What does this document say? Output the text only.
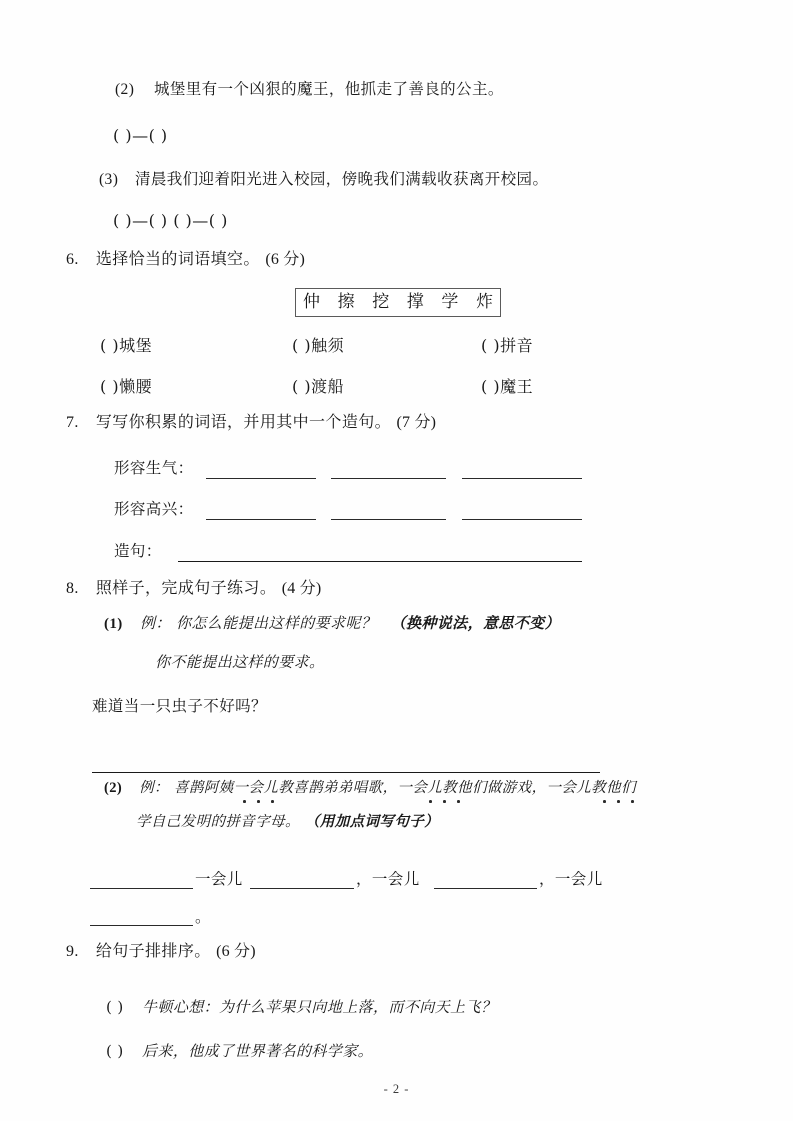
(2) 城堡里有一个凶狠的魔王，他抓走了善良的公主。
( )—( )
(3) 清晨我们迎着阳光进入校园，傍晚我们满载收获离开校园。
( )—( ) ( )—( )
6. 选择恰当的词语填空。 (6 分)
仲 擦 挖 撑 学 炸
( )城堡	( )触须	( )拼音
( )懒腰	( )渡船	( )魔王
7. 写写你积累的词语，并用其中一个造句。 (7 分)
形容生气：
形容高兴：
造句：
8. 照样子，完成句子练习。 (4 分)
(1) 例： 你怎么能提出这样的要求呢？ （换种说法，意思不变）
你不能提出这样的要求。
难道当一只虫子不好吗？
(2) 例： 喜鹊阿姨一会儿教喜鹊弟弟唱歌，一会儿教他们做游戏，一会儿教他们
学自己发明的拼音字母。 （用加点词写句子）
一会儿	，一会儿	，一会儿
。
9. 给句子排排序。 (6 分)
( ) 牛顿心想：为什么苹果只向地上落，而不向天上飞？
( ) 后来，他成了世界著名的科学家。
- 2 -
